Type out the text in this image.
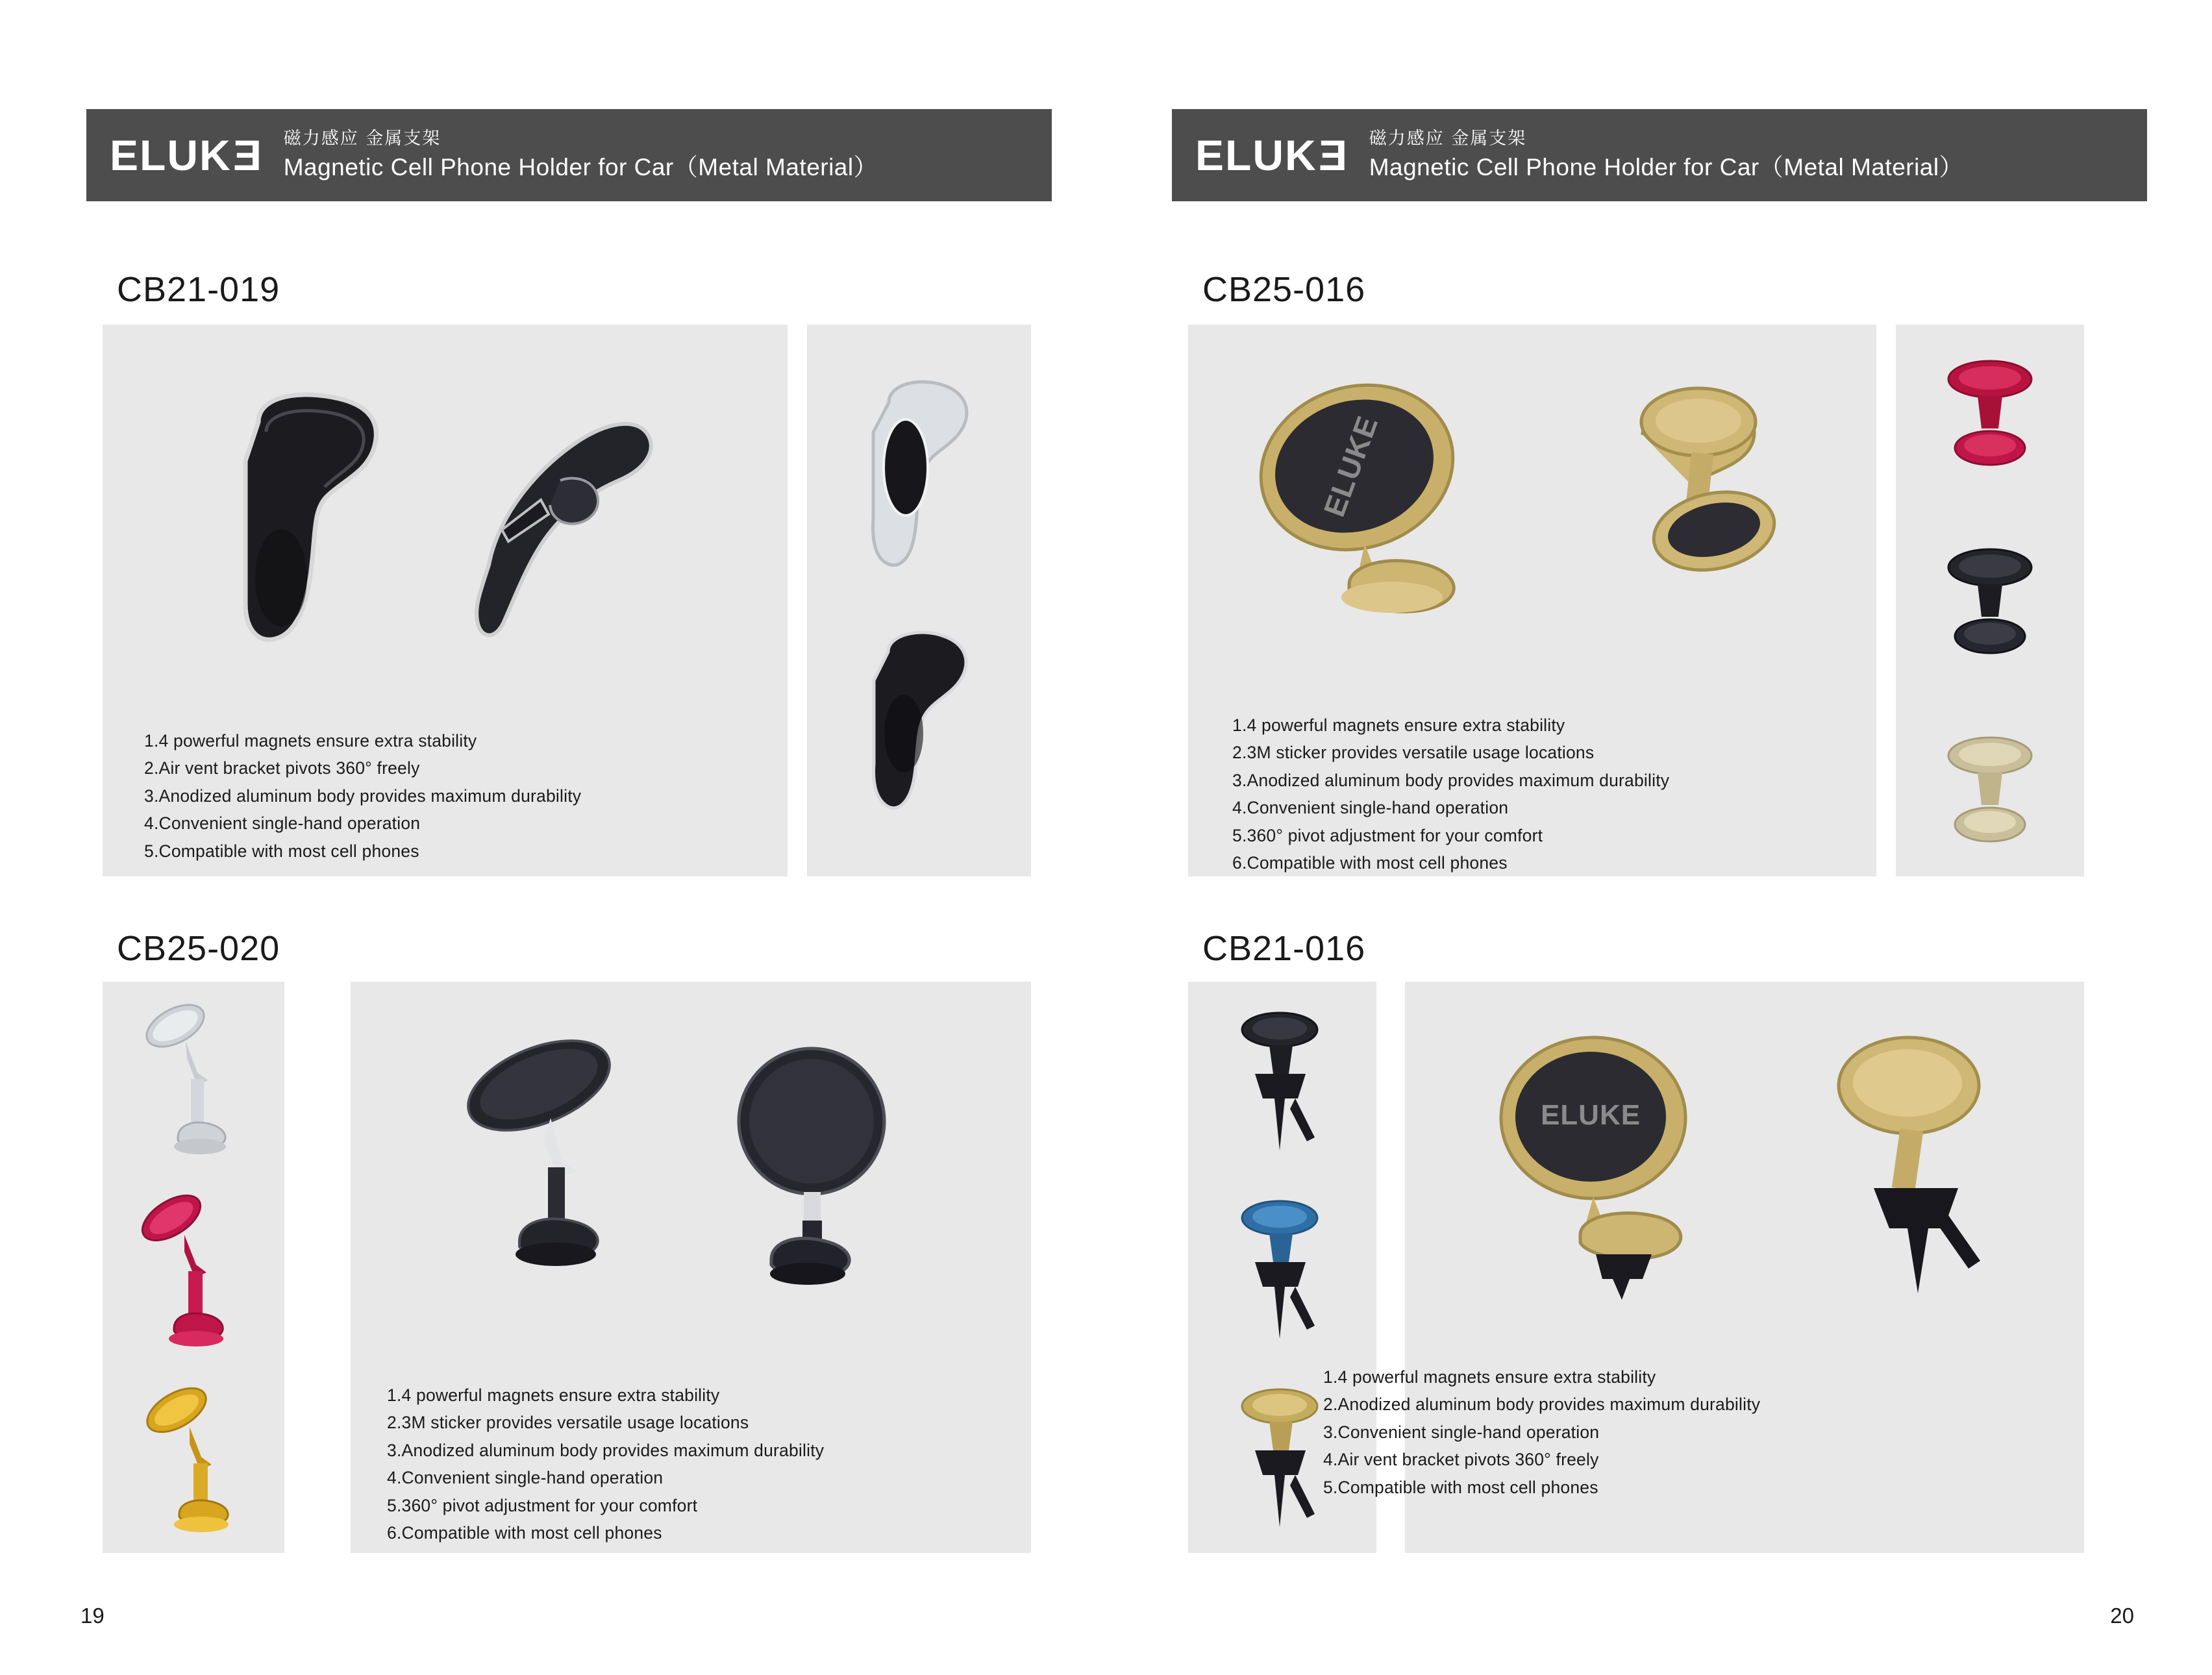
ELUK E 磁力感应 金属支架
Magnetic Cell Phone Holder for Car（Metal Material）
CB21-019
1.4 powerful magnets ensure extra stability
2.Air vent bracket pivots 360° freely
3.Anodized aluminum body provides maximum durability
4.Convenient single-hand operation
5.Compatible with most cell phones
CB25-020
1.4 powerful magnets ensure extra stability
2.3M sticker provides versatile usage locations
3.Anodized aluminum body provides maximum durability
4.Convenient single-hand operation
5.360° pivot adjustment for your comfort
6.Compatible with most cell phones
19
ELUK E 磁力感应 金属支架
Magnetic Cell Phone Holder for Car（Metal Material）
CB25-016
ELUKE
1.4 powerful magnets ensure extra stability
2.3M sticker provides versatile usage locations
3.Anodized aluminum body provides maximum durability
4.Convenient single-hand operation
5.360° pivot adjustment for your comfort
6.Compatible with most cell phones
CB21-016
ELUKE
1.4 powerful magnets ensure extra stability
2.Anodized aluminum body provides maximum durability
3.Convenient single-hand operation
4.Air vent bracket pivots 360° freely
5.Compatible with most cell phones
20
